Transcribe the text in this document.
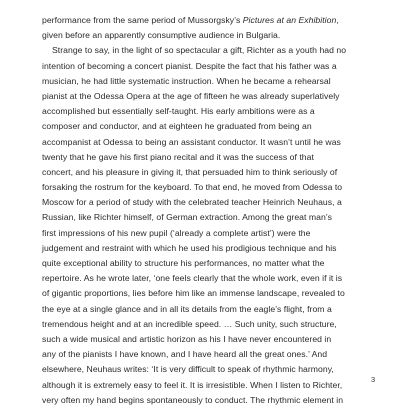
performance from the same period of Mussorgsky’s Pictures at an Exhibition,
given before an apparently consumptive audience in Bulgaria.
Strange to say, in the light of so spectacular a gift, Richter as a youth had no
intention of becoming a concert pianist. Despite the fact that his father was a
musician, he had little systematic instruction. When he became a rehearsal
pianist at the Odessa Opera at the age of fifteen he was already superlatively
accomplished but essentially self-taught. His early ambitions were as a
composer and conductor, and at eighteen he graduated from being an
accompanist at Odessa to being an assistant conductor. It wasn’t until he was
twenty that he gave his first piano recital and it was the success of that
concert, and his pleasure in giving it, that persuaded him to think seriously of
forsaking the rostrum for the keyboard. To that end, he moved from Odessa to
Moscow for a period of study with the celebrated teacher Heinrich Neuhaus, a
Russian, like Richter himself, of German extraction. Among the great man’s
first impressions of his new pupil (‘already a complete artist’) were the
judgement and restraint with which he used his prodigious technique and his
quite exceptional ability to structure his performances, no matter what the
repertoire. As he wrote later, ‘one feels clearly that the whole work, even if it is
of gigantic proportions, lies before him like an immense landscape, revealed to
the eye at a single glance and in all its details from the eagle’s flight, from a
tremendous height and at an incredible speed. … Such unity, such structure,
such a wide musical and artistic horizon as his I have never encountered in
any of the pianists I have known, and I have heard all the great ones.’ And
elsewhere, Neuhaus writes: ‘It is very difficult to speak of rhythmic harmony,
although it is extremely easy to feel it. It is irresistible. When I listen to Richter,
very often my hand begins spontaneously to conduct. The rhythmic element in
3
